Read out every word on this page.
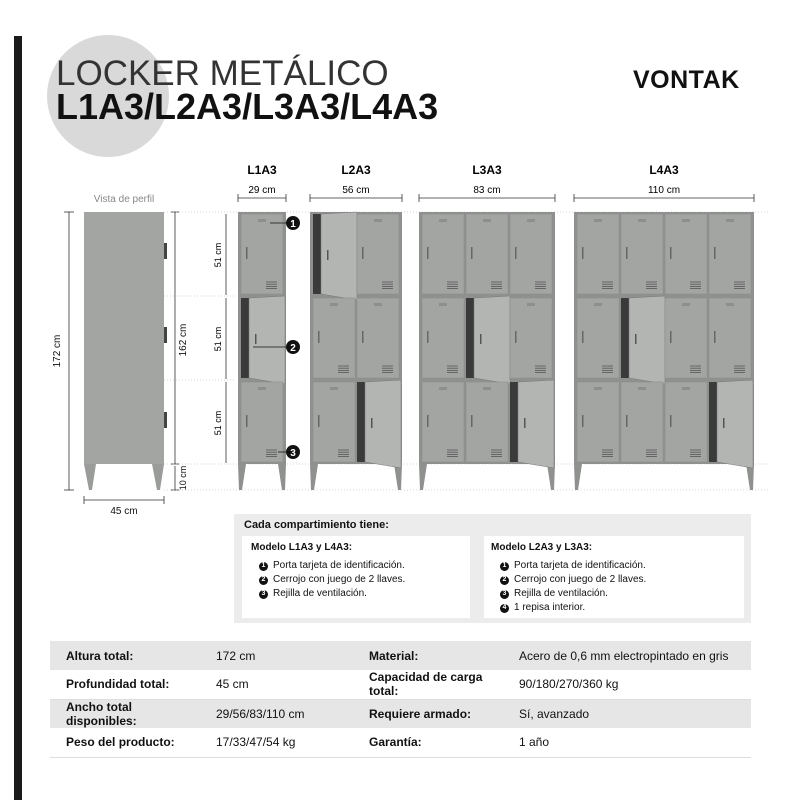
LOCKER METÁLICO
L1A3/L2A3/L3A3/L4A3
VONTAK
Vista de perfil
172 cm	162 cm
10 cm
45 cm
51 cm
51 cm
51 cm
L1A3
29 cm
L2A3
56 cm
L3A3
83 cm
L4A3
110 cm
1
2
3
Cada compartimiento tiene:
Modelo L1A3 y L4A3:
1 Porta tarjeta de identificación.
2 Cerrojo con juego de 2 llaves.
3 Rejilla de ventilación.
Modelo L2A3 y L3A3:
1 Porta tarjeta de identificación.
2 Cerrojo con juego de 2 llaves.
3 Rejilla de ventilación.
4 1 repisa interior.
Altura total:	172 cm	Material:	Acero de 0,6 mm electropintado en gris
Profundidad total:	45 cm	Capacidad de carga total:	90/180/270/360 kg
Ancho total disponibles:	29/56/83/110 cm	Requiere armado:	Sí, avanzado
Peso del producto:	17/33/47/54 kg	Garantía:	1 año
